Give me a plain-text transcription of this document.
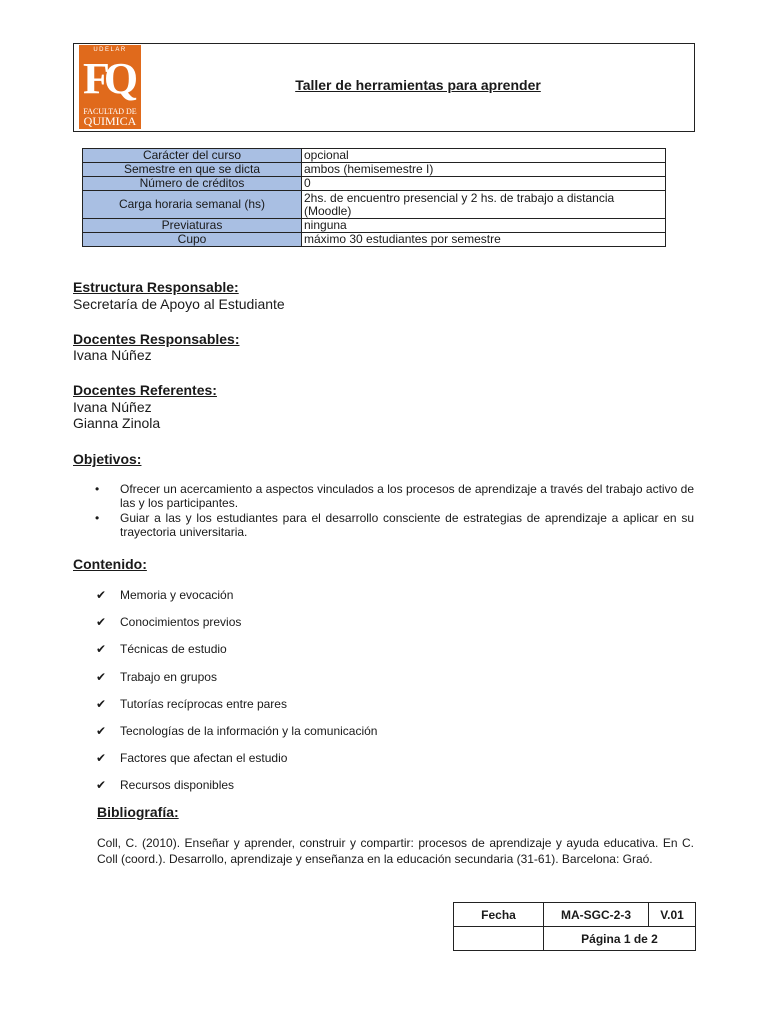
UDELAR
FQ
FACULTAD DE
QUIMICA
Taller de herramientas para aprender
Carácter del curso	opcional
Semestre en que se dicta	ambos (hemisemestre I)
Número de créditos	0
Carga horaria semanal (hs)	2hs. de encuentro presencial y 2 hs. de trabajo a distancia (Moodle)
Previaturas	ninguna
Cupo	máximo 30 estudiantes por semestre
Estructura Responsable:
Secretaría de Apoyo al Estudiante
Docentes Responsables:
Ivana Núñez
Docentes Referentes:
Ivana Núñez
Gianna Zinola
Objetivos:
• Ofrecer un acercamiento a aspectos vinculados a los procesos de aprendizaje a través del trabajo activo de las y los participantes.
• Guiar a las y los estudiantes para el desarrollo consciente de estrategias de aprendizaje a aplicar en su trayectoria universitaria.
Contenido:
✔ Memoria y evocación
✔ Conocimientos previos
✔ Técnicas de estudio
✔ Trabajo en grupos
✔ Tutorías recíprocas entre pares
✔ Tecnologías de la información y la comunicación
✔ Factores que afectan el estudio
✔ Recursos disponibles
Bibliografía:
Coll, C. (2010). Enseñar y aprender, construir y compartir: procesos de aprendizaje y ayuda educativa. En C. Coll (coord.). Desarrollo, aprendizaje y enseñanza en la educación secundaria (31-61). Barcelona: Graó.
Fecha	MA-SGC-2-3	V.01
	Página 1 de 2	
